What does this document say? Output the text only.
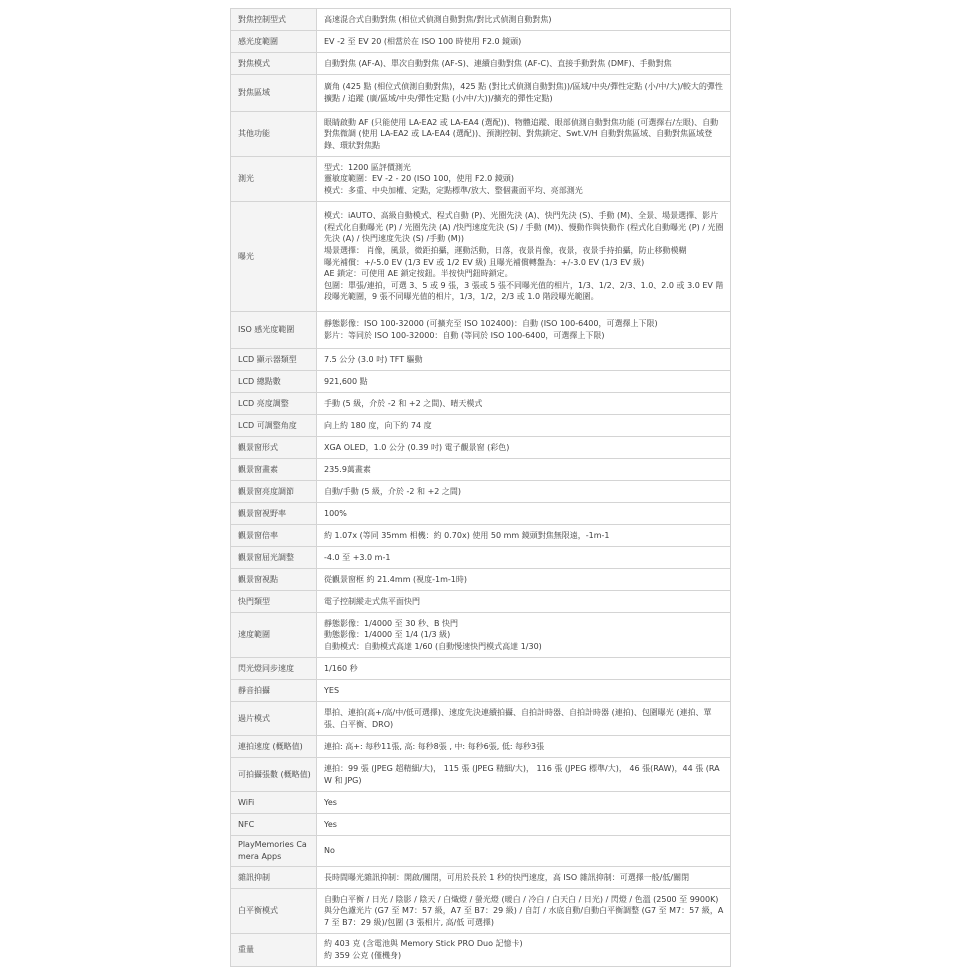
對焦控制型式	高速混合式自動對焦 (相位式偵測自動對焦/對比式偵測自動對焦)

感光度範圍	EV -2 至 EV 20 (相當於在 ISO 100 時使用 F2.0 鏡頭)

對焦模式	自動對焦 (AF-A)、單次自動對焦 (AF-S)、連續自動對焦 (AF-C)、直接手動對焦 (DMF)、手動對焦

對焦區域	廣角 (425 點 (相位式偵測自動對焦)，425 點 (對比式偵測自動對焦))/區域/中央/彈性定點 (小/中/大)/較大的彈性擴點 / 追蹤 (廣/區域/中央/彈性定點 (小/中/大))/擴充的彈性定點)

其他功能	眼睛啟動 AF (只能使用 LA-EA2 或 LA-EA4 (選配))、物體追蹤、眼部偵測自動對焦功能 (可選擇右/左眼)、自動對焦微調 (使用 LA-EA2 或 LA-EA4 (選配))、預測控制、對焦鎖定、Swt.V/H 自動對焦區域、自動對焦區域登錄、環狀對焦點

測光	型式：1200 區評價測光
靈敏度範圍：EV -2 - 20 (ISO 100，使用 F2.0 鏡頭)
模式：多重、中央加權、定點，定點標準/放大、整個畫面平均、亮部測光

曝光	模式：iAUTO、高級自動模式、程式自動 (P)、光圈先決 (A)、快門先決 (S)、手動 (M)、全景、場景選擇、影片 (程式化自動曝光 (P) / 光圈先決 (A) /快門速度先決 (S) / 手動 (M))、慢動作與快動作 (程式化自動曝光 (P) / 光圈先決 (A) / 快門速度先決 (S) /手動 (M))
場景選擇： 肖像，風景，微距拍攝，運動活動，日落，夜景肖像，夜景，夜景手持拍攝，防止移動模糊
曝光補償：+/-5.0 EV (1/3 EV 或 1/2 EV 級) 且曝光補償轉盤為：+/-3.0 EV (1/3 EV 級)
AE 鎖定：可使用 AE 鎖定按鈕。半按快門鈕時鎖定。
包圍：單張/連拍，可選 3、5 或 9 張，3 張或 5 張不同曝光值的相片，1/3、1/2、2/3、1.0、2.0 或 3.0 EV 階段曝光範圍，9 張不同曝光值的相片，1/3，1/2，2/3 或 1.0 階段曝光範圍。

ISO 感光度範圍	靜態影像：ISO 100-32000 (可擴充至 ISO 102400)：自動 (ISO 100-6400，可選擇上下限)
影片：等同於 ISO 100-32000：自動 (等同於 ISO 100-6400，可選擇上下限)

LCD 顯示器類型	7.5 公分 (3.0 吋) TFT 驅動

LCD 總點數	921,600 點

LCD 亮度調整	手動 (5 級，介於 -2 和 +2 之間)、晴天模式

LCD 可調整角度	向上約 180 度，向下約 74 度

觀景窗形式	XGA OLED，1.0 公分 (0.39 吋) 電子觀景窗 (彩色)

觀景窗畫素	235.9萬畫素

觀景窗亮度調節	自動/手動 (5 級，介於 -2 和 +2 之間)

觀景窗視野率	100%

觀景窗倍率	約 1.07x (等同 35mm 相機：約 0.70x) 使用 50 mm 鏡頭對焦無限遠，-1m-1

觀景窗屈光調整	-4.0 至 +3.0 m-1

觀景窗視點	從觀景窗框 約 21.4mm (視度-1m-1時)

快門類型	電子控制縱走式焦平面快門

速度範圍	靜態影像：1/4000 至 30 秒、B 快門
動態影像：1/4000 至 1/4 (1/3 級)
自動模式：自動模式高達 1/60 (自動慢速快門模式高達 1/30)

閃光燈同步速度	1/160 秒

靜音拍攝	YES

過片模式	單拍、連拍(高+/高/中/低可選擇)、速度先決連續拍攝、自拍計時器、自拍計時器 (連拍)、包圍曝光 (連拍、單張、白平衡、DRO)

連拍速度 (概略值)	連拍: 高+: 每秒11張, 高: 每秒8張 , 中: 每秒6張, 低: 每秒3張

可拍攝張數 (概略值)	連拍：99 張 (JPEG 超精細/大)， 115 張 (JPEG 精細/大)， 116 張 (JPEG 標準/大)， 46 張(RAW)，44 張 (RAW 和 JPG)

WiFi	Yes

NFC	Yes

PlayMemories Camera Apps	No

雜訊抑制	長時間曝光雜訊抑制：開啟/關閉，可用於長於 1 秒的快門速度，高 ISO 雜訊抑制：可選擇一般/低/關閉

白平衡模式	自動白平衡 / 日光 / 陰影 / 陰天 / 白熾燈 / 螢光燈 (暖白 / 冷白 / 白天白 / 日光) / 閃燈 / 色溫 (2500 至 9900K) 與分色濾光片 (G7 至 M7：57 級，A7 至 B7：29 級) / 自訂 / 水底自動/自動白平衡調整 (G7 至 M7：57 級，A7 至 B7：29 級)/包圍 (3 張相片, 高/低 可選擇)

重量	約 403 克 (含電池與 Memory Stick PRO Duo 記憶卡)
約 359 公克 (僅機身)
